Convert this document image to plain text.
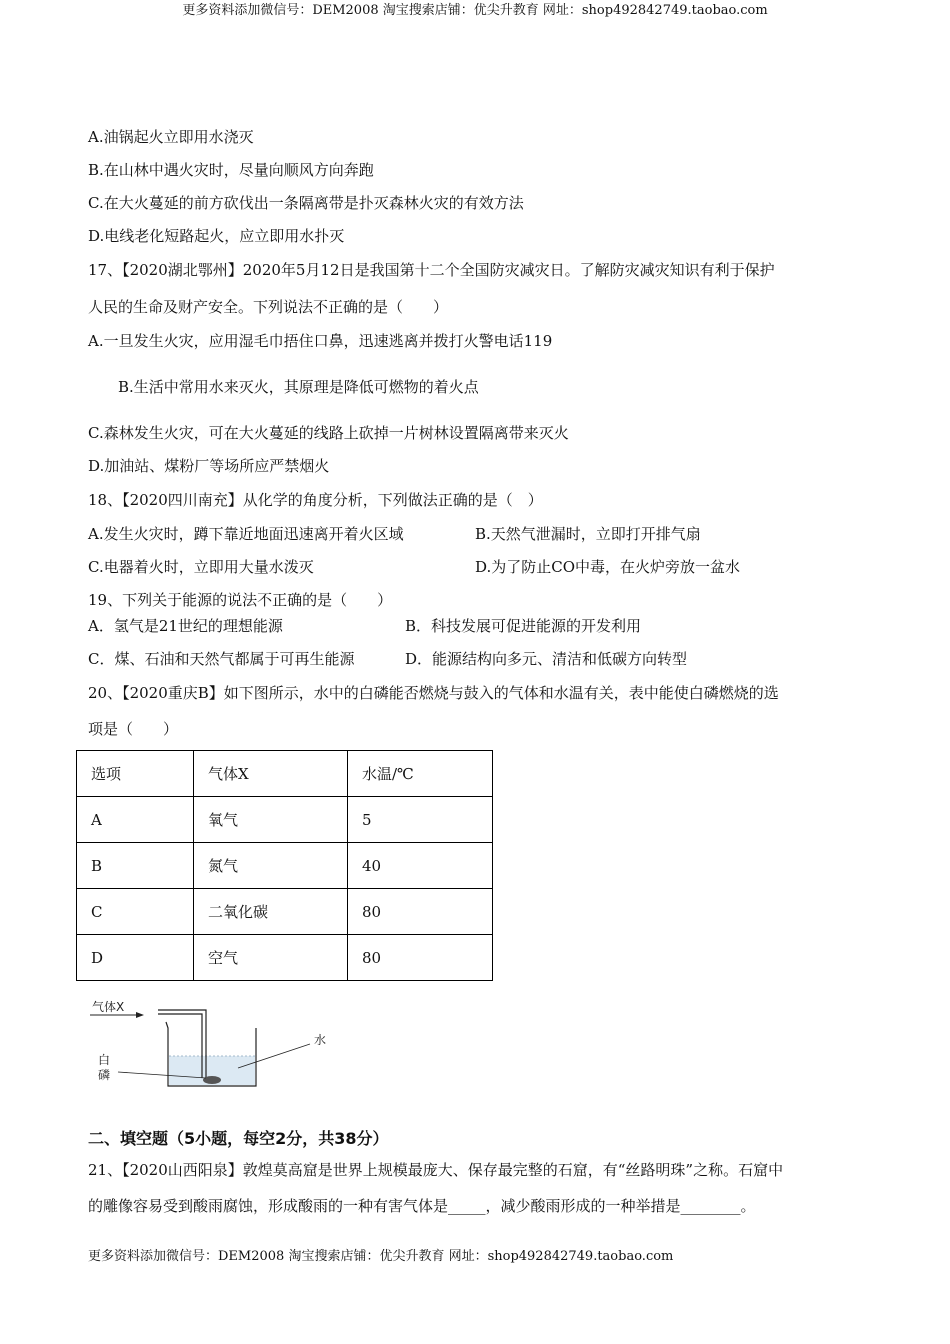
更多资料添加微信号：DEM2008 淘宝搜索店铺：优尖升教育 网址：shop492842749.taobao.com
A.油锅起火立即用水浇灭
B.在山林中遇火灾时，尽量向顺风方向奔跑
C.在大火蔓延的前方砍伐出一条隔离带是扑灭森林火灾的有效方法
D.电线老化短路起火，应立即用水扑灭
17、【2020湖北鄂州】2020年5月12日是我国第十二个全国防灾减灾日。了解防灾减灾知识有利于保护
人民的生命及财产安全。下列说法不正确的是（　　）
A.一旦发生火灾，应用湿毛巾捂住口鼻，迅速逃离并拨打火警电话119
B.生活中常用水来灭火，其原理是降低可燃物的着火点
C.森林发生火灾，可在大火蔓延的线路上砍掉一片树林设置隔离带来灭火
D.加油站、煤粉厂等场所应严禁烟火
18、【2020四川南充】从化学的角度分析，下列做法正确的是（　）
A.发生火灾时，蹲下靠近地面迅速离开着火区域	B.天然气泄漏时，立即打开排气扇
C.电器着火时，立即用大量水泼灭	D.为了防止CO中毒，在火炉旁放一盆水
19、下列关于能源的说法不正确的是（　　）
A．氢气是21世纪的理想能源	B．科技发展可促进能源的开发利用
C．煤、石油和天然气都属于可再生能源	D．能源结构向多元、清洁和低碳方向转型
20、【2020重庆B】如下图所示，水中的白磷能否燃烧与鼓入的气体和水温有关，表中能使白磷燃烧的选
项是（　　）
选项	气体X	水温/℃
A	氧气	5
B	氮气	40
C	二氧化碳	80
D	空气	80
气体X
水
白
磷
二、填空题（5小题，每空2分，共38分）
21、【2020山西阳泉】敦煌莫高窟是世界上规模最庞大、保存最完整的石窟，有“丝路明珠”之称。石窟中
的雕像容易受到酸雨腐蚀，形成酸雨的一种有害气体是_____，减少酸雨形成的一种举措是________。
更多资料添加微信号：DEM2008 淘宝搜索店铺：优尖升教育 网址：shop492842749.taobao.com
